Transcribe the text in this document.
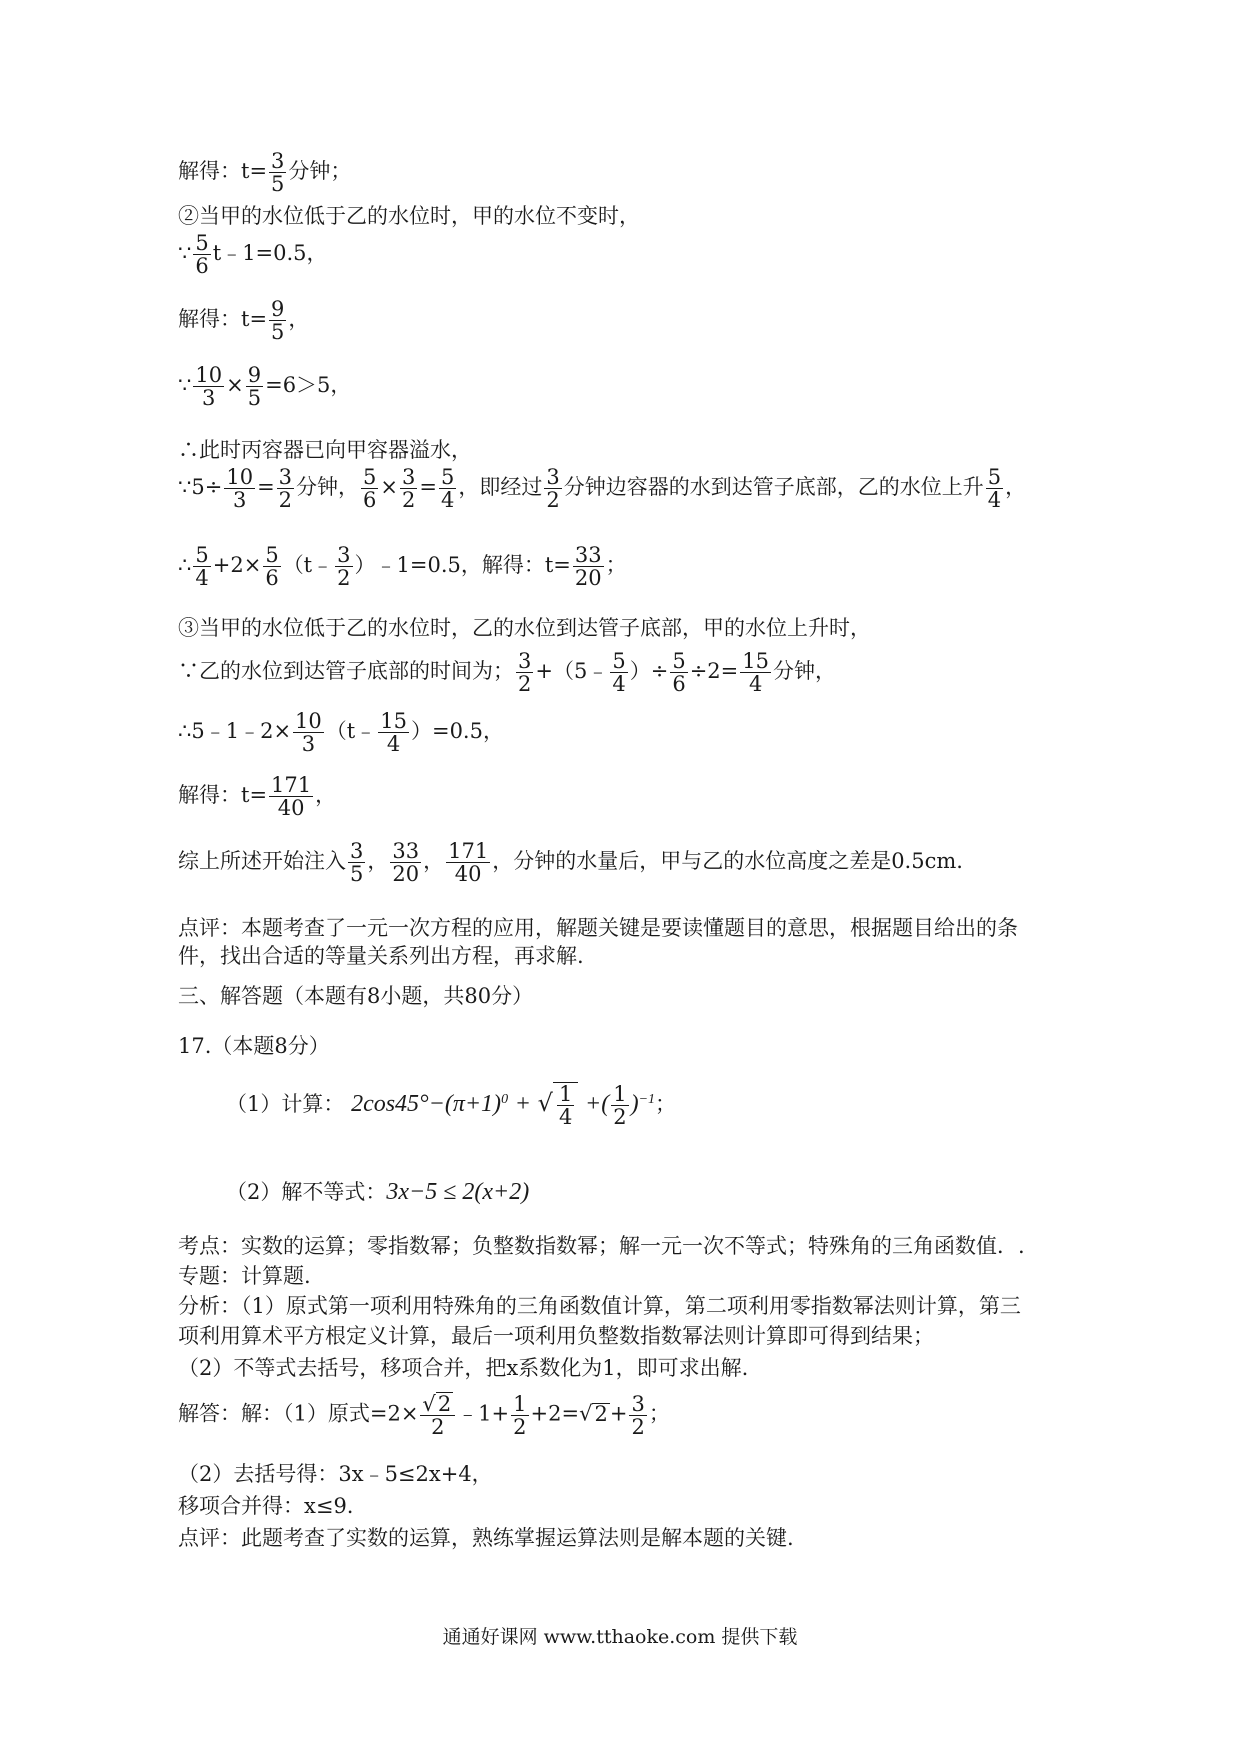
解得：$t= \frac{3}{5}$ 分钟；
②当甲的水位低于乙的水位时，甲的水位不变时，
∵ $\frac{5}{6}$ t﹣1=0.5，
解得：$t= \frac{9}{5}$ ，
∵ $\frac{10}{3} \times \frac{9}{5} =6>5$，
∴此时丙容器已向甲容器溢水，
∵5÷ $\frac{10}{3} = \frac{3}{2}$ 分钟， $\frac{5}{6} \times \frac{3}{2} = \frac{5}{4}$ ，即经过 $\frac{3}{2}$ 分钟边容器的水到达管子底部，乙的水位上升 $\frac{5}{4}$ ，
∴ $\frac{5}{4} +2\times \frac{5}{6}$ （t﹣ $\frac{3}{2}$ ）﹣1=0.5，解得：$t= \frac{33}{20}$ ；
③当甲的水位低于乙的水位时，乙的水位到达管子底部，甲的水位上升时，
∵乙的水位到达管子底部的时间为； $\frac{3}{2}$ +（5﹣ $\frac{5}{4}$ ）÷ $\frac{5}{6} \div 2= \frac{15}{4}$ 分钟，
∴5﹣1﹣2× $\frac{10}{3}$ （t﹣ $\frac{15}{4} )=0.5$，
解得：$t= \frac{171}{40}$ ，
综上所述开始注入 $\frac{3}{5}$ ， $\frac{33}{20}$ ， $\frac{171}{40}$ ，分钟的水量后，甲与乙的水位高度之差是0.5cm.
点评：本题考查了一元一次方程的应用，解题关键是要读懂题目的意思，根据题目给出的条
件，找出合适的等量关系列出方程，再求解.
三、解答题（本题有8小题，共80分）
17.（本题8分）
（1）计算： $2\cos 45^\circ-(\pi+1)^0$ + √ $\frac{1}{4}$ +( $\frac{1}{2} )^{-1}$；
（2）解不等式：3x−5 ≤ 2(x+2)
考点：实数的运算；零指数幂；负整数指数幂；解一元一次不等式；特殊角的三角函数值．.
专题：计算题.
分析：（1）原式第一项利用特殊角的三角函数值计算，第二项利用零指数幂法则计算，第三
项利用算术平方根定义计算，最后一项利用负整数指数幂法则计算即可得到结果；
（2）不等式去括号，移项合并，把x系数化为1，即可求出解.
解答：解：（1）原式$=2\times \frac{√2}{2}$ ﹣1+ $\frac{1}{2} +2=√2+ \frac{3}{2}$ ；
（2）去括号得：3x﹣5≤2x+4，
移项合并得：x≤9.
点评：此题考查了实数的运算，熟练掌握运算法则是解本题的关键.
通通好课网 www.tthaoke.com 提供下载
